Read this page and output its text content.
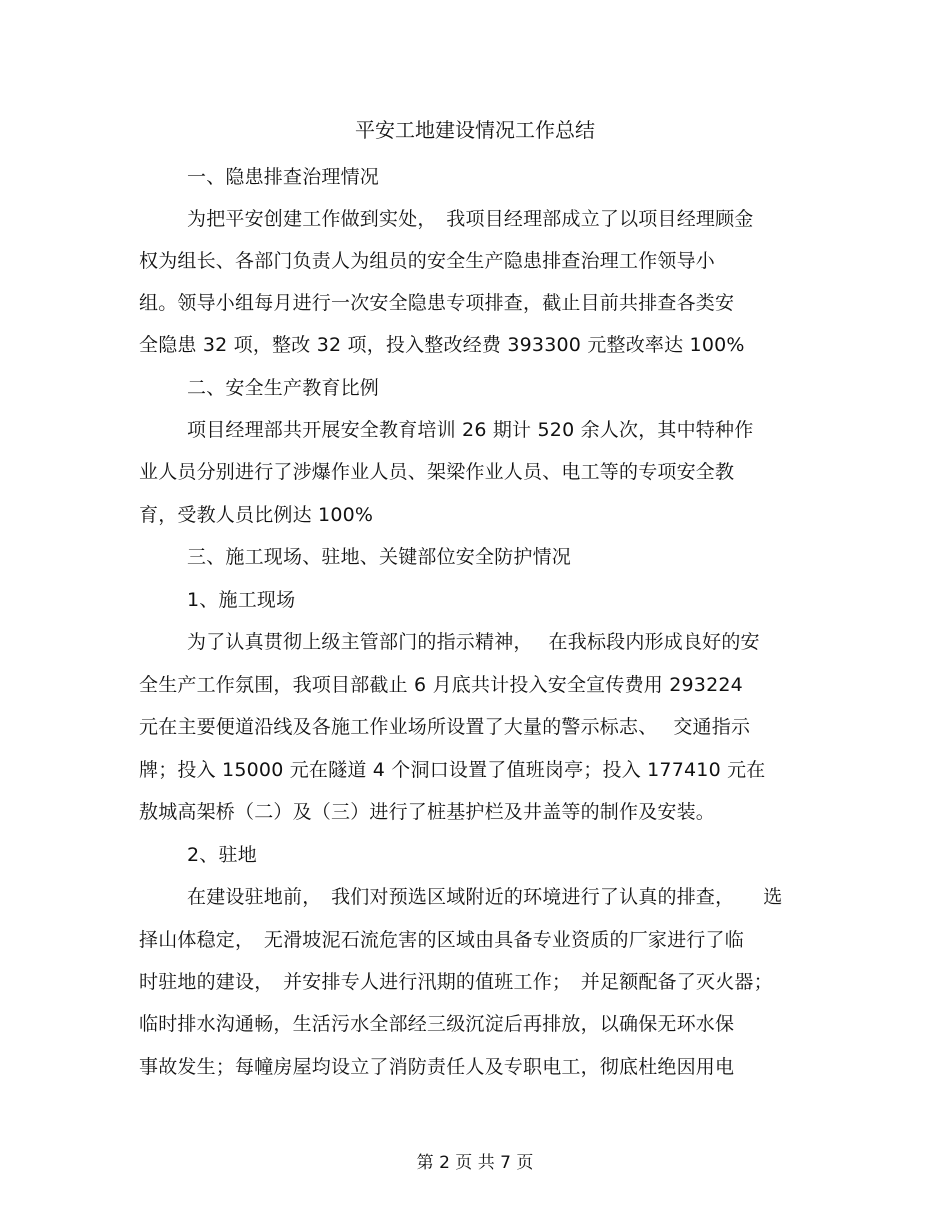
平安工地建设情况工作总结
一、隐患排查治理情况
为把平安创建工作做到实处，　我项目经理部成立了以项目经理顾金
权为组长、各部门负责人为组员的安全生产隐患排查治理工作领导小
组。领导小组每月进行一次安全隐患专项排查，截止目前共排查各类安
全隐患 32 项，整改 32 项，投入整改经费 393300 元整改率达 100%
二、安全生产教育比例
项目经理部共开展安全教育培训 26 期计 520 余人次，其中特种作
业人员分别进行了涉爆作业人员、架梁作业人员、电工等的专项安全教
育，受教人员比例达 100%
三、施工现场、驻地、关键部位安全防护情况
1、施工现场
为了认真贯彻上级主管部门的指示精神，　 在我标段内形成良好的安
全生产工作氛围，我项目部截止 6 月底共计投入安全宣传费用 293224
元在主要便道沿线及各施工作业场所设置了大量的警示标志、　 交通指示
牌；投入 15000 元在隧道 4 个洞口设置了值班岗亭；投入 177410 元在
敖城高架桥（二）及（三）进行了桩基护栏及井盖等的制作及安装。
2、驻地
在建设驻地前，　我们对预选区域附近的环境进行了认真的排查，　　选
择山体稳定，　无滑坡泥石流危害的区域由具备专业资质的厂家进行了临
时驻地的建设，　并安排专人进行汛期的值班工作；　并足额配备了灭火器；
临时排水沟通畅，生活污水全部经三级沉淀后再排放，以确保无环水保
事故发生；每幢房屋均设立了消防责任人及专职电工，彻底杜绝因用电
第 2 页 共 7 页
